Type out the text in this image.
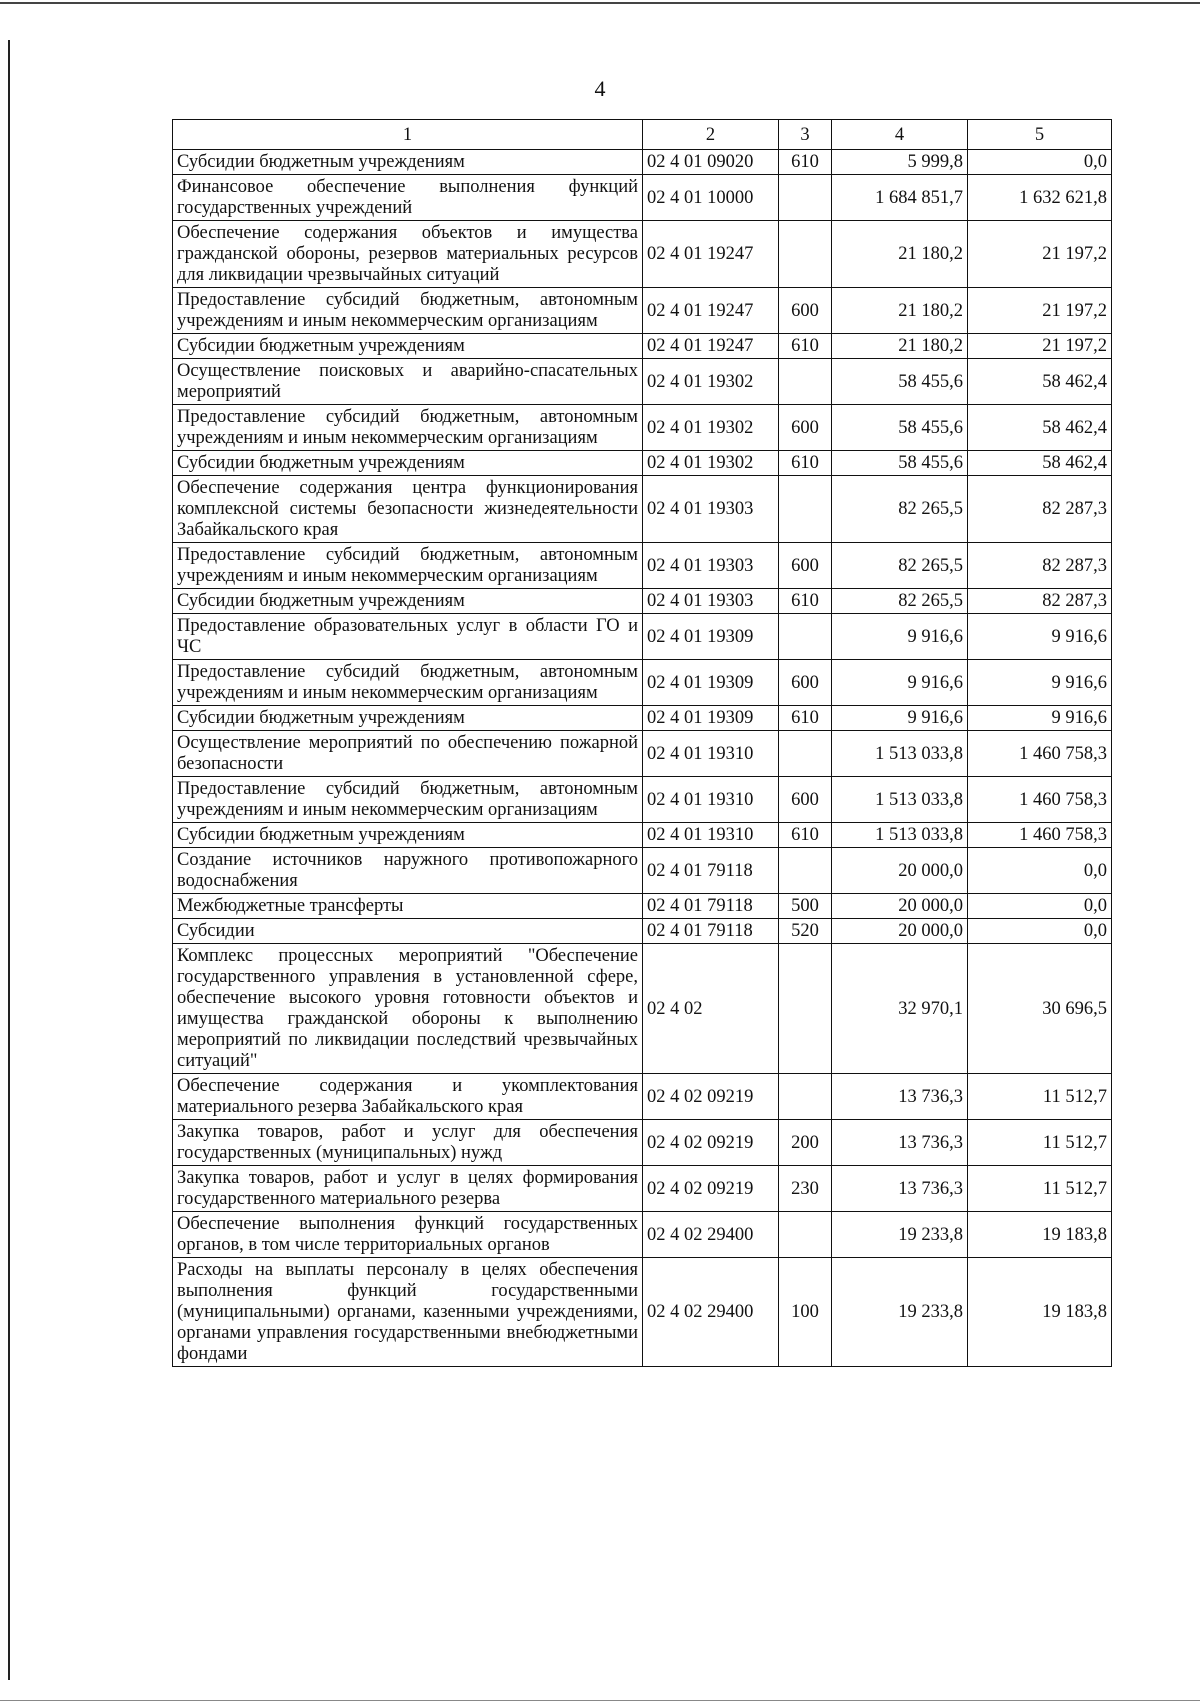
4
1	2	3	4	5
Субсидии бюджетным учреждениям	02 4 01 09020	610	5 999,8	0,0
Финансовое обеспечение выполнения функций государственных учреждений	02 4 01 10000		1 684 851,7	1 632 621,8
Обеспечение содержания объектов и имущества гражданской обороны, резервов материальных ресурсов для ликвидации чрезвычайных ситуаций	02 4 01 19247		21 180,2	21 197,2
Предоставление субсидий бюджетным, автономным учреждениям и иным некоммерческим организациям	02 4 01 19247	600	21 180,2	21 197,2
Субсидии бюджетным учреждениям	02 4 01 19247	610	21 180,2	21 197,2
Осуществление поисковых и аварийно-спасательных мероприятий	02 4 01 19302		58 455,6	58 462,4
Предоставление субсидий бюджетным, автономным учреждениям и иным некоммерческим организациям	02 4 01 19302	600	58 455,6	58 462,4
Субсидии бюджетным учреждениям	02 4 01 19302	610	58 455,6	58 462,4
Обеспечение содержания центра функционирования комплексной системы безопасности жизнедеятельности Забайкальского края	02 4 01 19303		82 265,5	82 287,3
Предоставление субсидий бюджетным, автономным учреждениям и иным некоммерческим организациям	02 4 01 19303	600	82 265,5	82 287,3
Субсидии бюджетным учреждениям	02 4 01 19303	610	82 265,5	82 287,3
Предоставление образовательных услуг в области ГО и ЧС	02 4 01 19309		9 916,6	9 916,6
Предоставление субсидий бюджетным, автономным учреждениям и иным некоммерческим организациям	02 4 01 19309	600	9 916,6	9 916,6
Субсидии бюджетным учреждениям	02 4 01 19309	610	9 916,6	9 916,6
Осуществление мероприятий по обеспечению пожарной безопасности	02 4 01 19310		1 513 033,8	1 460 758,3
Предоставление субсидий бюджетным, автономным учреждениям и иным некоммерческим организациям	02 4 01 19310	600	1 513 033,8	1 460 758,3
Субсидии бюджетным учреждениям	02 4 01 19310	610	1 513 033,8	1 460 758,3
Создание источников наружного противопожарного водоснабжения	02 4 01 79118		20 000,0	0,0
Межбюджетные трансферты	02 4 01 79118	500	20 000,0	0,0
Субсидии	02 4 01 79118	520	20 000,0	0,0
Комплекс процессных мероприятий "Обеспечение государственного управления в установленной сфере, обеспечение высокого уровня готовности объектов и имущества гражданской обороны к выполнению мероприятий по ликвидации последствий чрезвычайных ситуаций"	02 4 02		32 970,1	30 696,5
Обеспечение содержания и укомплектования материального резерва Забайкальского края	02 4 02 09219		13 736,3	11 512,7
Закупка товаров, работ и услуг для обеспечения государственных (муниципальных) нужд	02 4 02 09219	200	13 736,3	11 512,7
Закупка товаров, работ и услуг в целях формирования государственного материального резерва	02 4 02 09219	230	13 736,3	11 512,7
Обеспечение выполнения функций государственных органов, в том числе территориальных органов	02 4 02 29400		19 233,8	19 183,8
Расходы на выплаты персоналу в целях обеспечения выполнения функций государственными (муниципальными) органами, казенными учреждениями, органами управления государственными внебюджетными фондами	02 4 02 29400	100	19 233,8	19 183,8
